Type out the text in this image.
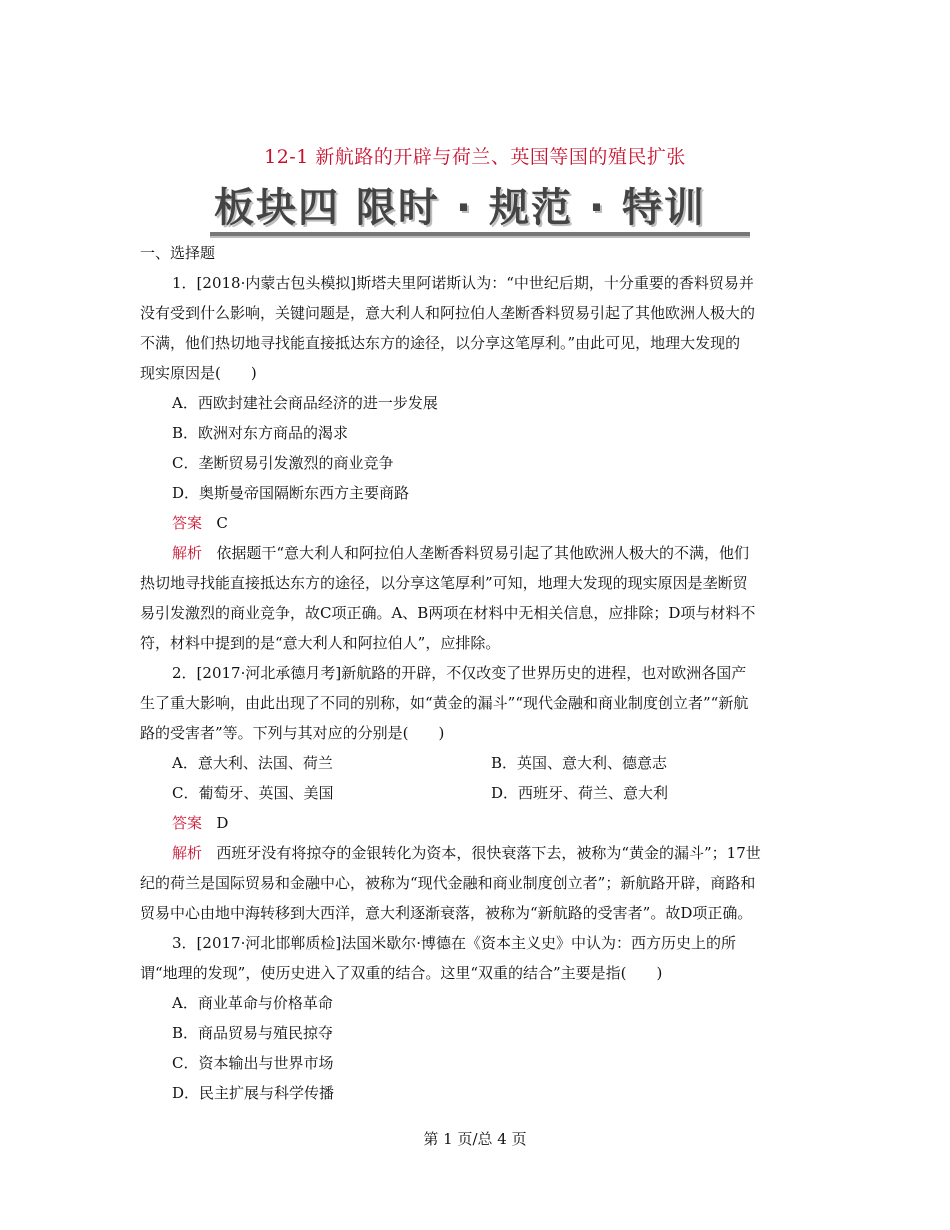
12-1 新航路的开辟与荷兰、英国等国的殖民扩张
板块四 限时 · 规范 · 特训
一、选择题
1．[2018·内蒙古包头模拟]斯塔夫里阿诺斯认为：“中世纪后期，十分重要的香料贸易并
没有受到什么影响，关键问题是，意大利人和阿拉伯人垄断香料贸易引起了其他欧洲人极大的
不满，他们热切地寻找能直接抵达东方的途径，以分享这笔厚利。”由此可见，地理大发现的
现实原因是(　　)
A．西欧封建社会商品经济的进一步发展
B．欧洲对东方商品的渴求
C．垄断贸易引发激烈的商业竞争
D．奥斯曼帝国隔断东西方主要商路
答案 C
解析 依据题干“意大利人和阿拉伯人垄断香料贸易引起了其他欧洲人极大的不满，他们
热切地寻找能直接抵达东方的途径，以分享这笔厚利”可知，地理大发现的现实原因是垄断贸
易引发激烈的商业竞争，故C项正确。A、B两项在材料中无相关信息，应排除；D项与材料不
符，材料中提到的是“意大利人和阿拉伯人”，应排除。
2．[2017·河北承德月考]新航路的开辟，不仅改变了世界历史的进程，也对欧洲各国产
生了重大影响，由此出现了不同的别称，如“黄金的漏斗”“现代金融和商业制度创立者”“新航
路的受害者”等。下列与其对应的分别是(　　)
A．意大利、法国、荷兰	B．英国、意大利、德意志
C．葡萄牙、英国、美国	D．西班牙、荷兰、意大利
答案 D
解析 西班牙没有将掠夺的金银转化为资本，很快衰落下去，被称为“黄金的漏斗”；17世
纪的荷兰是国际贸易和金融中心，被称为“现代金融和商业制度创立者”；新航路开辟，商路和
贸易中心由地中海转移到大西洋，意大利逐渐衰落，被称为“新航路的受害者”。故D项正确。
3．[2017·河北邯郸质检]法国米歇尔·博德在《资本主义史》中认为：西方历史上的所
谓“地理的发现”，使历史进入了双重的结合。这里“双重的结合”主要是指(　　)
A．商业革命与价格革命
B．商品贸易与殖民掠夺
C．资本输出与世界市场
D．民主扩展与科学传播
第 1 页/总 4 页
